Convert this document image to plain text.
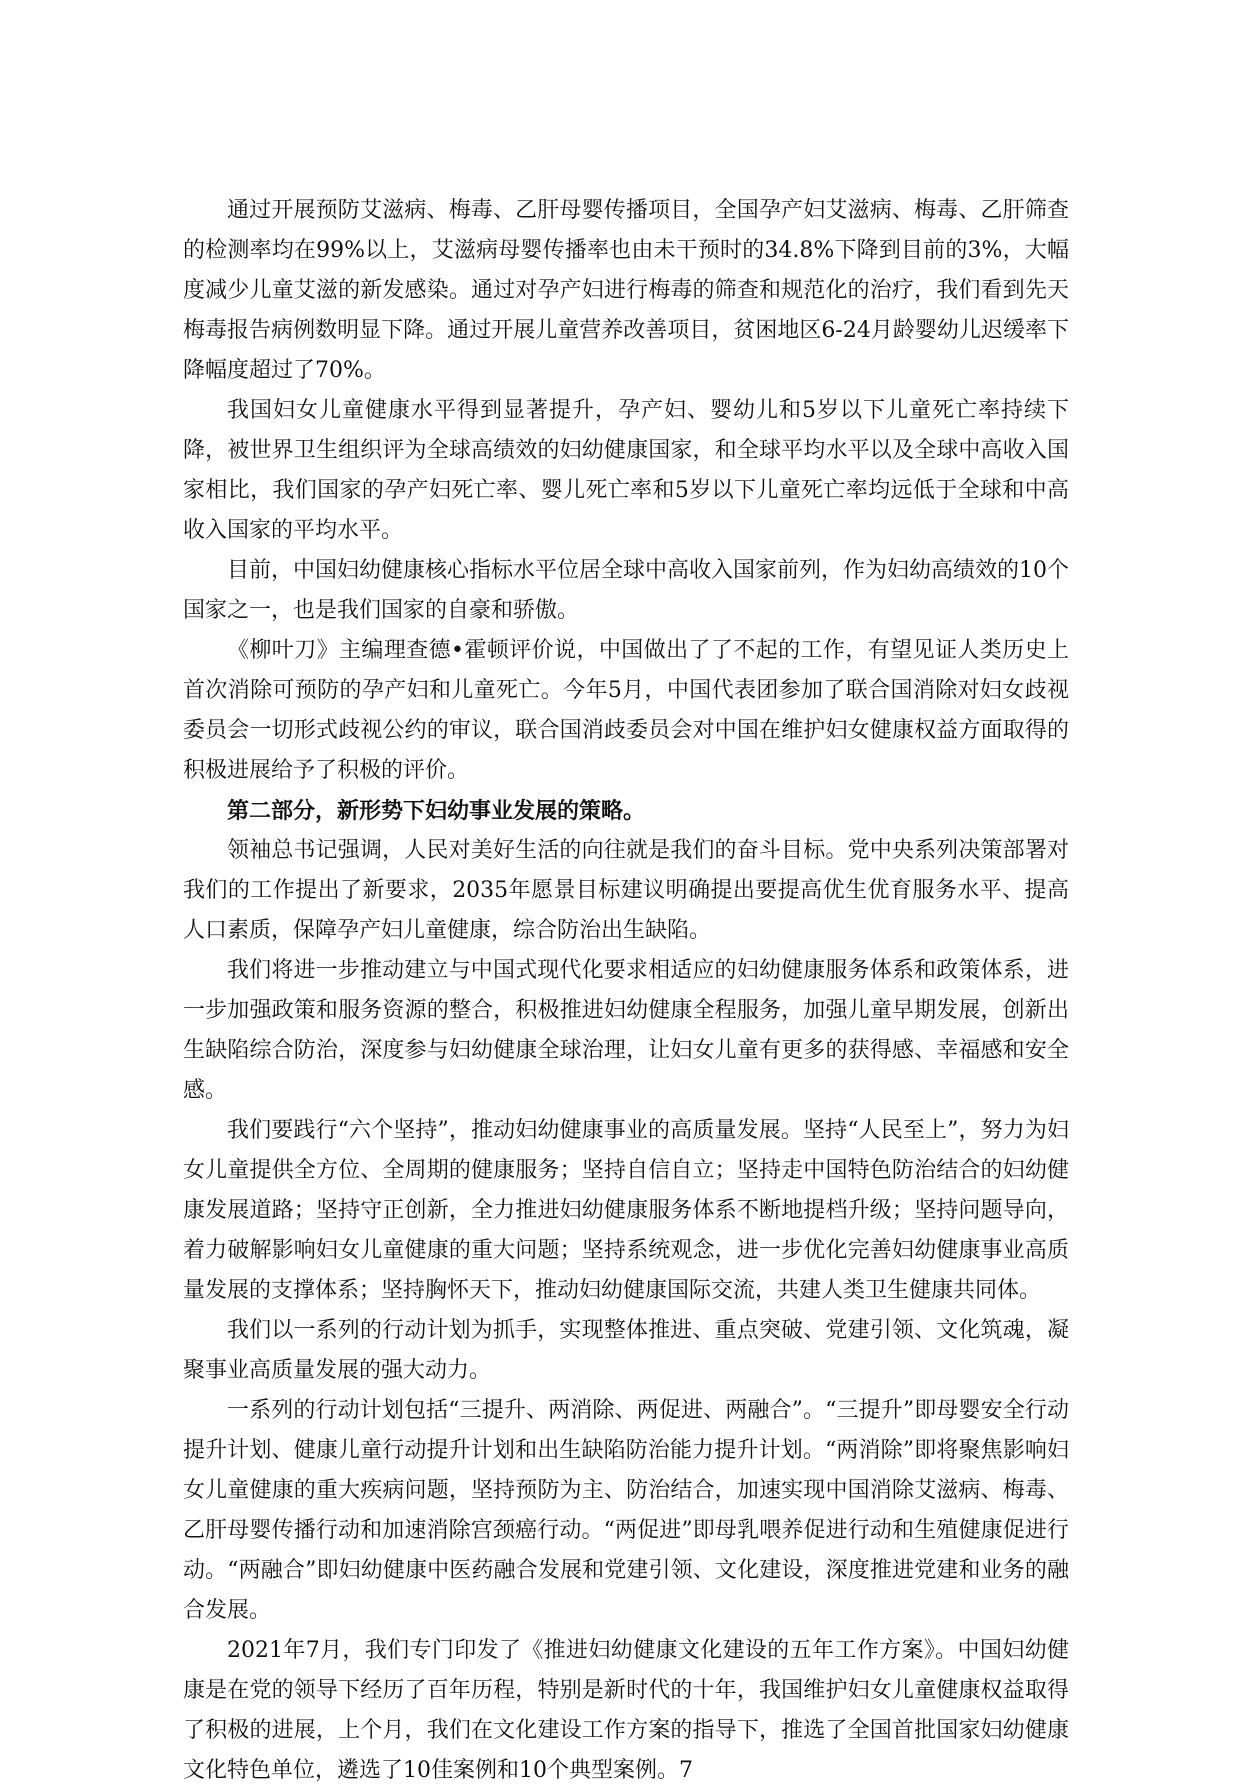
通过开展预防艾滋病、梅毒、乙肝母婴传播项目，全国孕产妇艾滋病、梅毒、乙肝筛查的检测率均在99%以上，艾滋病母婴传播率也由未干预时的34.8%下降到目前的3%，大幅度减少儿童艾滋的新发感染。通过对孕产妇进行梅毒的筛查和规范化的治疗，我们看到先天梅毒报告病例数明显下降。通过开展儿童营养改善项目，贫困地区6-24月龄婴幼儿迟缓率下降幅度超过了70%。

我国妇女儿童健康水平得到显著提升，孕产妇、婴幼儿和5岁以下儿童死亡率持续下降，被世界卫生组织评为全球高绩效的妇幼健康国家，和全球平均水平以及全球中高收入国家相比，我们国家的孕产妇死亡率、婴儿死亡率和5岁以下儿童死亡率均远低于全球和中高收入国家的平均水平。

目前，中国妇幼健康核心指标水平位居全球中高收入国家前列，作为妇幼高绩效的10个国家之一，也是我们国家的自豪和骄傲。

《柳叶刀》主编理查德•霍顿评价说，中国做出了了不起的工作，有望见证人类历史上首次消除可预防的孕产妇和儿童死亡。今年5月，中国代表团参加了联合国消除对妇女歧视委员会一切形式歧视公约的审议，联合国消歧委员会对中国在维护妇女健康权益方面取得的积极进展给予了积极的评价。

第二部分，新形势下妇幼事业发展的策略。

领袖总书记强调，人民对美好生活的向往就是我们的奋斗目标。党中央系列决策部署对我们的工作提出了新要求，2035年愿景目标建议明确提出要提高优生优育服务水平、提高人口素质，保障孕产妇儿童健康，综合防治出生缺陷。

我们将进一步推动建立与中国式现代化要求相适应的妇幼健康服务体系和政策体系，进一步加强政策和服务资源的整合，积极推进妇幼健康全程服务，加强儿童早期发展，创新出生缺陷综合防治，深度参与妇幼健康全球治理，让妇女儿童有更多的获得感、幸福感和安全感。

我们要践行“六个坚持”，推动妇幼健康事业的高质量发展。坚持“人民至上”，努力为妇女儿童提供全方位、全周期的健康服务；坚持自信自立；坚持走中国特色防治结合的妇幼健康发展道路；坚持守正创新，全力推进妇幼健康服务体系不断地提档升级；坚持问题导向，着力破解影响妇女儿童健康的重大问题；坚持系统观念，进一步优化完善妇幼健康事业高质量发展的支撑体系；坚持胸怀天下，推动妇幼健康国际交流，共建人类卫生健康共同体。

我们以一系列的行动计划为抓手，实现整体推进、重点突破、党建引领、文化筑魂，凝聚事业高质量发展的强大动力。

一系列的行动计划包括“三提升、两消除、两促进、两融合”。“三提升”即母婴安全行动提升计划、健康儿童行动提升计划和出生缺陷防治能力提升计划。“两消除”即将聚焦影响妇女儿童健康的重大疾病问题，坚持预防为主、防治结合，加速实现中国消除艾滋病、梅毒、乙肝母婴传播行动和加速消除宫颈癌行动。“两促进”即母乳喂养促进行动和生殖健康促进行动。“两融合”即妇幼健康中医药融合发展和党建引领、文化建设，深度推进党建和业务的融合发展。

2021年7月，我们专门印发了《推进妇幼健康文化建设的五年工作方案》。中国妇幼健康是在党的领导下经历了百年历程，特别是新时代的十年，我国维护妇女儿童健康权益取得了积极的进展，上个月，我们在文化建设工作方案的指导下，推选了全国首批国家妇幼健康文化特色单位，遴选了10佳案例和10个典型案例。7
